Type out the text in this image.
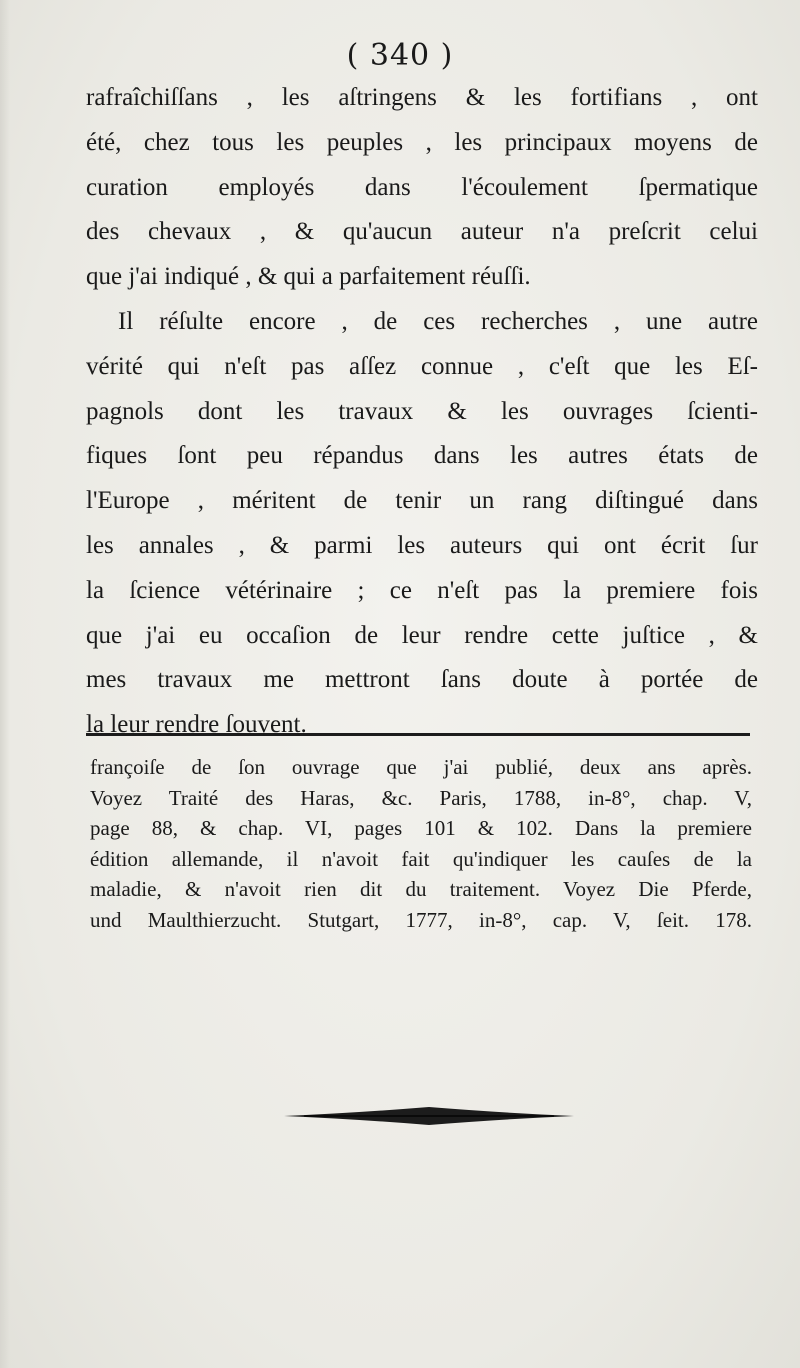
( 340 )
rafraîchiſſans , les aſtringens & les fortifians , ont
été, chez tous les peuples , les principaux moyens de
curation employés dans l'écoulement ſpermatique
des chevaux , & qu'aucun auteur n'a preſcrit celui
que j'ai indiqué , & qui a parfaitement réuſſi.
Il réſulte encore , de ces recherches , une autre
vérité qui n'eſt pas aſſez connue , c'eſt que les Eſ-
pagnols dont les travaux & les ouvrages ſcienti-
fiques ſont peu répandus dans les autres états de
l'Europe , méritent de tenir un rang diſtingué dans
les annales , & parmi les auteurs qui ont écrit ſur
la ſcience vétérinaire ; ce n'eſt pas la premiere fois
que j'ai eu occaſion de leur rendre cette juſtice , &
mes travaux me mettront ſans doute à portée de
la leur rendre ſouvent.
françoiſe de ſon ouvrage que j'ai publié, deux ans après.
Voyez Traité des Haras, &c. Paris, 1788, in-8°, chap. V,
page 88, & chap. VI, pages 101 & 102. Dans la premiere
édition allemande, il n'avoit fait qu'indiquer les cauſes de la
maladie, & n'avoit rien dit du traitement. Voyez Die Pferde,
und Maulthierzucht. Stutgart, 1777, in-8°, cap. V, ſeit. 178.
